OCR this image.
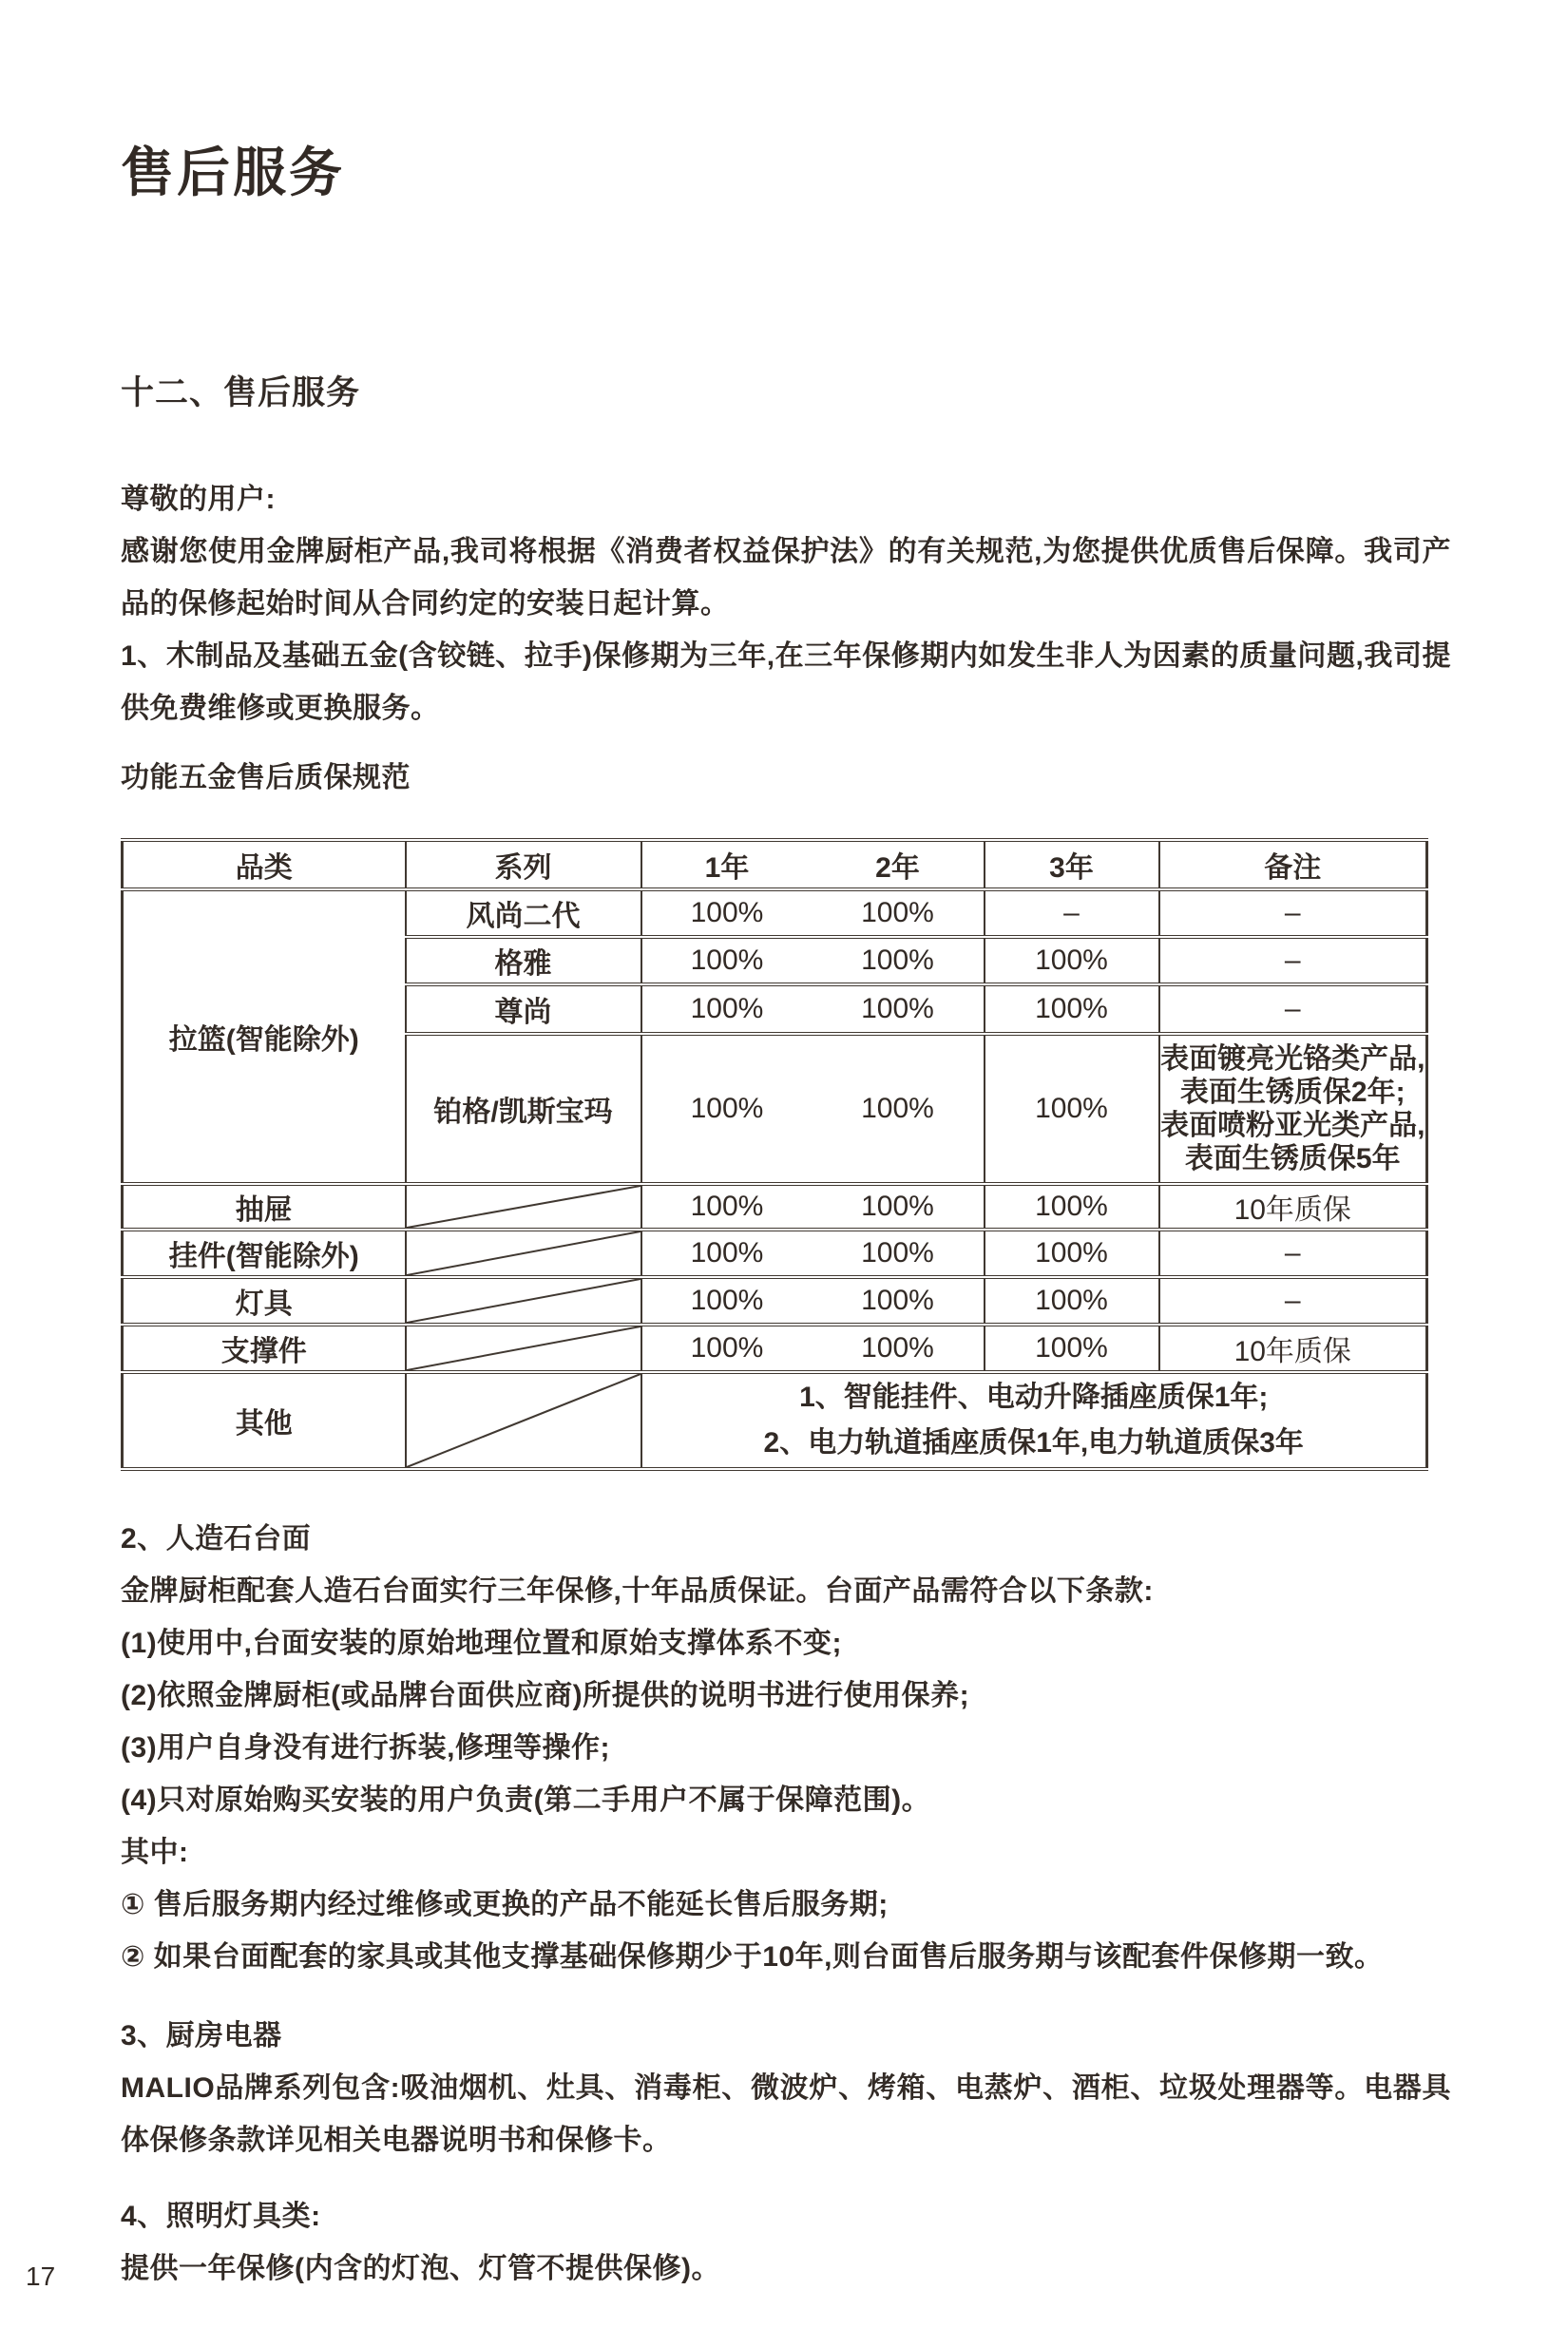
售后服务
十二、售后服务

尊敬的用户:

感谢您使用金牌厨柜产品,我司将根据《消费者权益保护法》的有关规范,为您提供优质售后保障。我司产品的保修起始时间从合同约定的安装日起计算。

1、木制品及基础五金(含铰链、拉手)保修期为三年,在三年保修期内如发生非人为因素的质量问题,我司提供免费维修或更换服务。

功能五金售后质保规范

品类	系列	1年	2年	3年	备注
拉篮(智能除外)	风尚二代	100%	100%	–	–
	格雅	100%	100%	100%	–
	尊尚	100%	100%	100%	–
	铂格/凯斯宝玛	100%	100%	100%	表面镀亮光铬类产品,
表面生锈质保2年;
表面喷粉亚光类产品,
表面生锈质保5年

抽屉		100%	100%	100%	10年质保
挂件(智能除外)		100%	100%	100%	–
灯具		100%	100%	100%	–
支撑件		100%	100%	100%	10年质保
其他		1、智能挂件、电动升降插座质保1年;
2、电力轨道插座质保1年,电力轨道质保3年			

2、人造石台面

金牌厨柜配套人造石台面实行三年保修,十年品质保证。台面产品需符合以下条款:

(1)使用中,台面安装的原始地理位置和原始支撑体系不变;

(2)依照金牌厨柜(或品牌台面供应商)所提供的说明书进行使用保养;

(3)用户自身没有进行拆装,修理等操作;

(4)只对原始购买安装的用户负责(第二手用户不属于保障范围)。

其中:

① 售后服务期内经过维修或更换的产品不能延长售后服务期;

② 如果台面配套的家具或其他支撑基础保修期少于10年,则台面售后服务期与该配套件保修期一致。

3、厨房电器

MALIO品牌系列包含:吸油烟机、灶具、消毒柜、微波炉、烤箱、电蒸炉、酒柜、垃圾处理器等。电器具体保修条款详见相关电器说明书和保修卡。

4、照明灯具类:

提供一年保修(内含的灯泡、灯管不提供保修)。

17
